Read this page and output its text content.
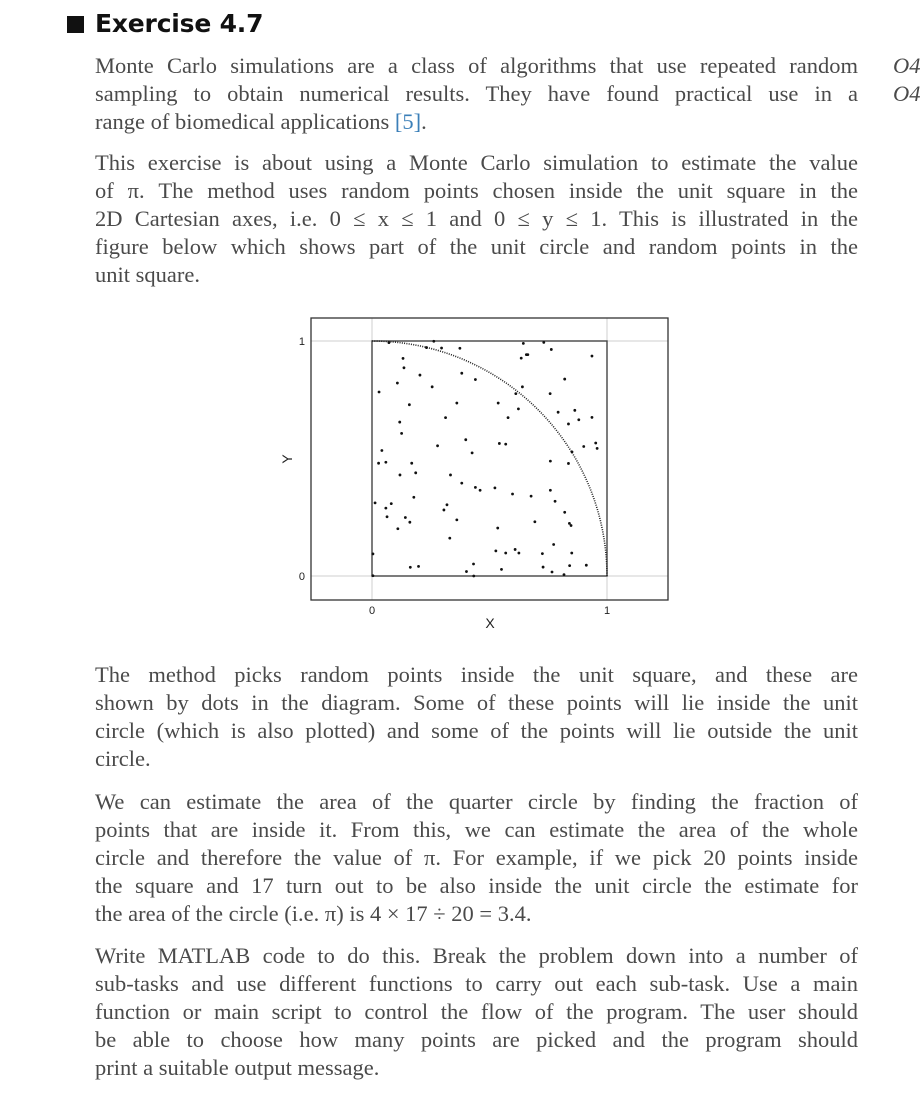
Exercise 4.7
O4
O4
Monte Carlo simulations are a class of algorithms that use repeated random
sampling to obtain numerical results. They have found practical use in a
range of biomedical applications [5].
This exercise is about using a Monte Carlo simulation to estimate the value
of π. The method uses random points chosen inside the unit square in the
2D Cartesian axes, i.e. 0 ≤ x ≤ 1 and 0 ≤ y ≤ 1. This is illustrated in the
figure below which shows part of the unit circle and random points in the
unit square.
0	1
0
1
X
Y
The method picks random points inside the unit square, and these are
shown by dots in the diagram. Some of these points will lie inside the unit
circle (which is also plotted) and some of the points will lie outside the unit
circle.
We can estimate the area of the quarter circle by finding the fraction of
points that are inside it. From this, we can estimate the area of the whole
circle and therefore the value of π. For example, if we pick 20 points inside
the square and 17 turn out to be also inside the unit circle the estimate for
the area of the circle (i.e. π) is 4 × 17 ÷ 20 = 3.4.
Write MATLAB code to do this. Break the problem down into a number of
sub-tasks and use different functions to carry out each sub-task. Use a main
function or main script to control the flow of the program. The user should
be able to choose how many points are picked and the program should
print a suitable output message.
